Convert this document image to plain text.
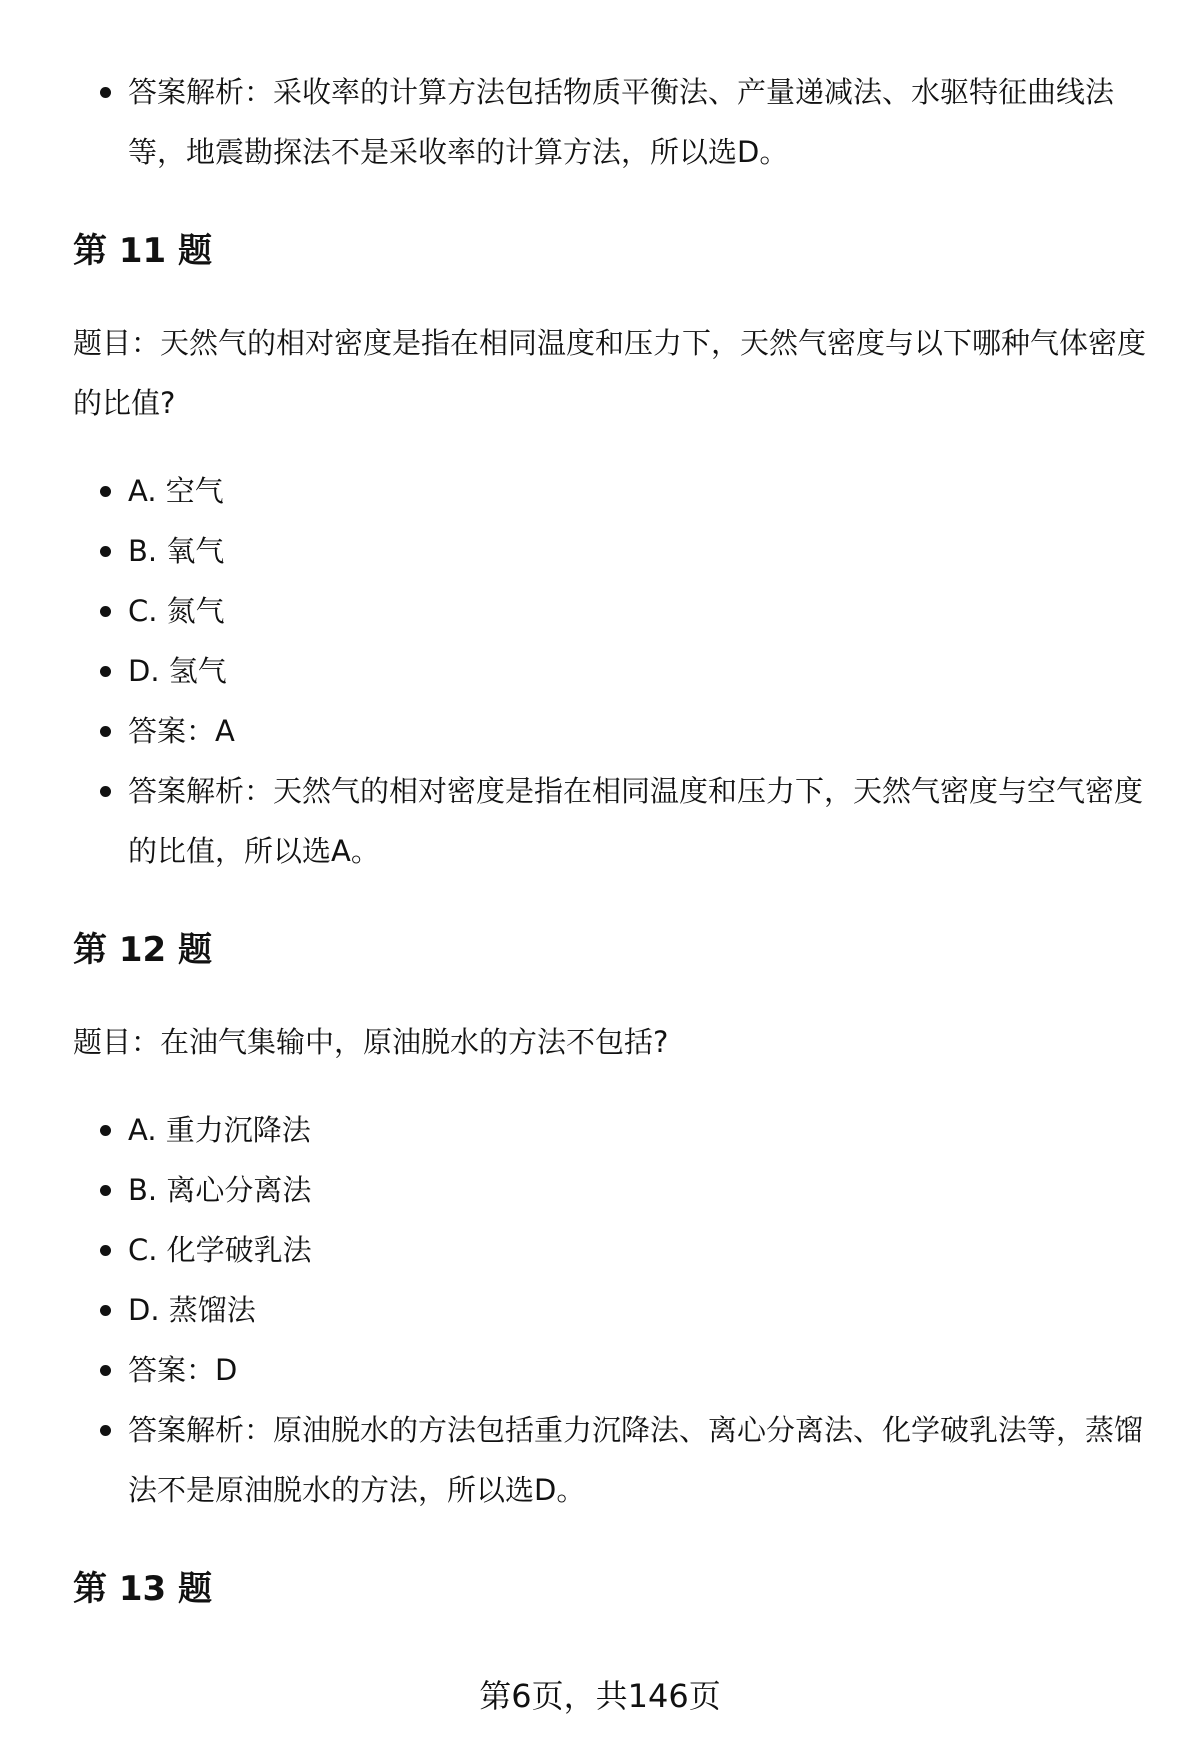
答案解析：采收率的计算方法包括物质平衡法、产量递减法、水驱特征曲线法等，地震勘探法不是采收率的计算方法，所以选D。
第 11 题

题目：天然气的相对密度是指在相同温度和压力下，天然气密度与以下哪种气体密度的比值?

A. 空气
B. 氧气
C. 氮气
D. 氢气
答案：A
答案解析：天然气的相对密度是指在相同温度和压力下，天然气密度与空气密度的比值，所以选A。
第 12 题

题目：在油气集输中，原油脱水的方法不包括?

A. 重力沉降法
B. 离心分离法
C. 化学破乳法
D. 蒸馏法
答案：D
答案解析：原油脱水的方法包括重力沉降法、离心分离法、化学破乳法等，蒸馏法不是原油脱水的方法，所以选D。
第 13 题
第6页，共146页
